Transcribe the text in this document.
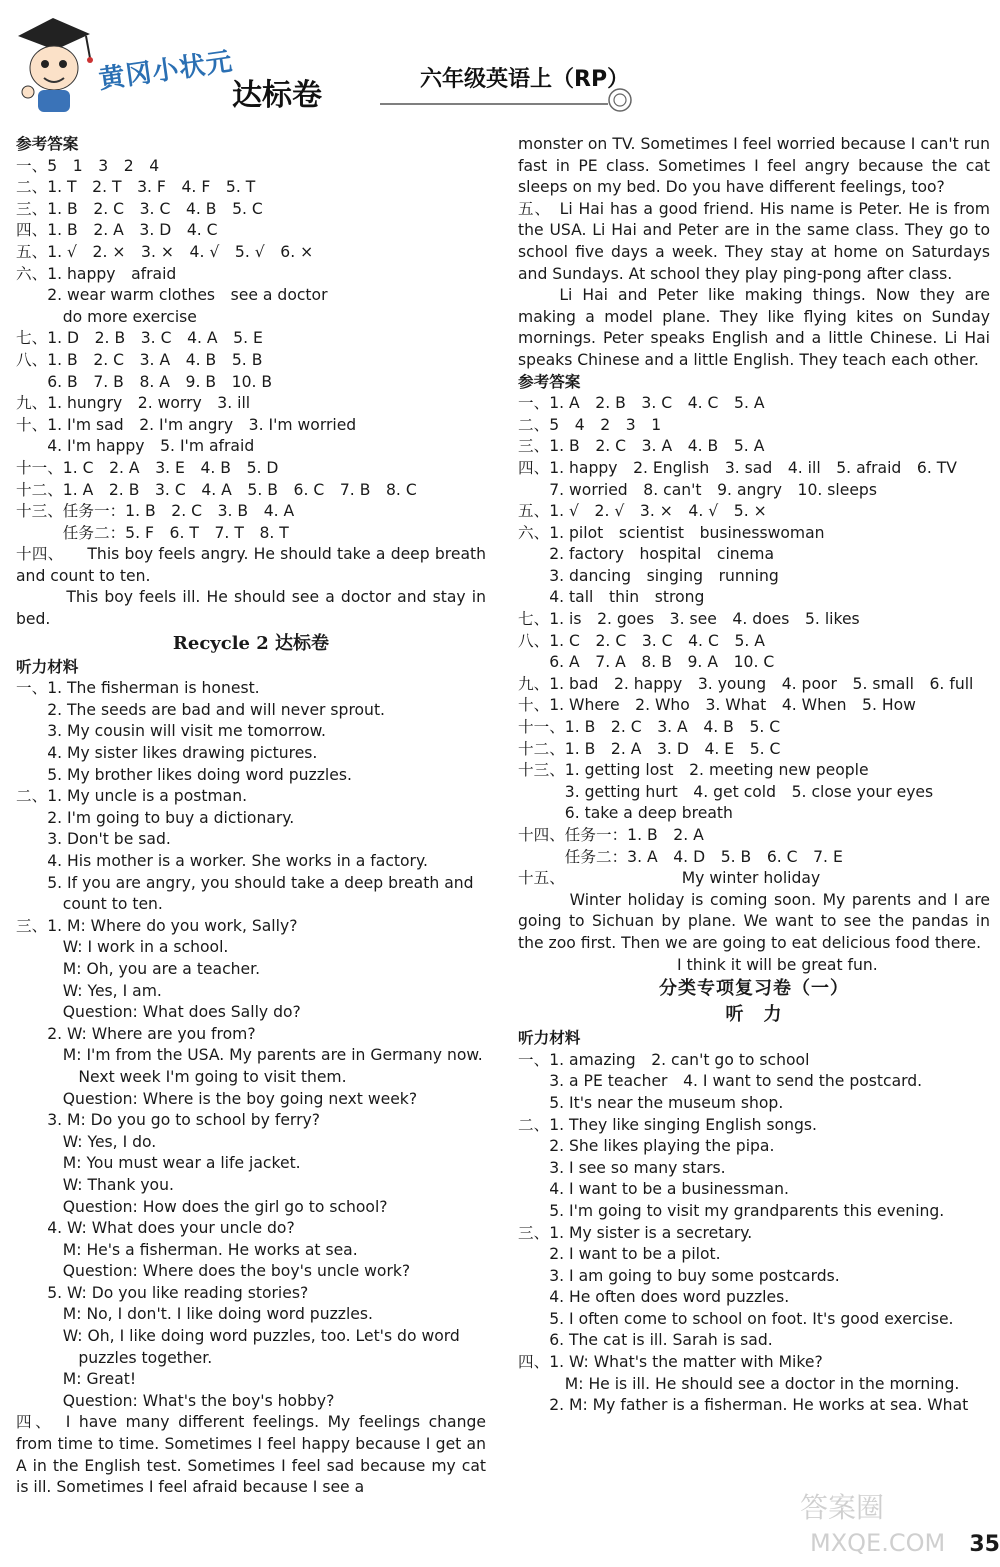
黄冈小状元
达标卷	六年级英语上（RP）
参考答案
一、5　1　3　2　4
二、1. T　2. T　3. F　4. F　5. T
三、1. B　2. C　3. C　4. B　5. C
四、1. B　2. A　3. D　4. C
五、1. √　2. ×　3. ×　4. √　5. √　6. ×
六、1. happy　afraid
　　2. wear warm clothes　see a doctor
　　　do more exercise
七、1. D　2. B　3. C　4. A　5. E
八、1. B　2. C　3. A　4. B　5. B
　　6. B　7. B　8. A　9. B　10. B
九、1. hungry　2. worry　3. ill
十、1. I'm sad　2. I'm angry　3. I'm worried
　　4. I'm happy　5. I'm afraid
十一、1. C　2. A　3. E　4. B　5. D
十二、1. A　2. B　3. C　4. A　5. B　6. C　7. B　8. C
十三、任务一：1. B　2. C　3. B　4. A
　　　任务二：5. F　6. T　7. T　8. T
十四、　　This boy feels angry. He should take a deep breath and count to ten.
　　　This boy feels ill. He should see a doctor and stay in bed.
Recycle 2 达标卷
听力材料
一、1. The fisherman is honest.
　　2. The seeds are bad and will never sprout.
　　3. My cousin will visit me tomorrow.
　　4. My sister likes drawing pictures.
　　5. My brother likes doing word puzzles.
二、1. My uncle is a postman.
　　2. I'm going to buy a dictionary.
　　3. Don't be sad.
　　4. His mother is a worker. She works in a factory.
　　5. If you are angry, you should take a deep breath and
　　　count to ten.
三、1. M: Where do you work, Sally?
　　　W: I work in a school.
　　　M: Oh, you are a teacher.
　　　W: Yes, I am.
　　　Question: What does Sally do?
　　2. W: Where are you from?
　　　M: I'm from the USA. My parents are in Germany now.
　　　　Next week I'm going to visit them.
　　　Question: Where is the boy going next week?
　　3. M: Do you go to school by ferry?
　　　W: Yes, I do.
　　　M: You must wear a life jacket.
　　　W: Thank you.
　　　Question: How does the girl go to school?
　　4. W: What does your uncle do?
　　　M: He's a fisherman. He works at sea.
　　　Question: Where does the boy's uncle work?
　　5. W: Do you like reading stories?
　　　M: No, I don't. I like doing word puzzles.
　　　W: Oh, I like doing word puzzles, too. Let's do word
　　　　puzzles together.
　　　M: Great!
　　　Question: What's the boy's hobby?
四、　I have many different feelings. My feelings change from time to time. Sometimes I feel happy because I get an A in the English test. Sometimes I feel sad because my cat is ill. Sometimes I feel afraid because I see a
monster on TV. Sometimes I feel worried because I can't run fast in PE class. Sometimes I feel angry because the cat sleeps on my bed. Do you have different feelings, too?
五、　Li Hai has a good friend. His name is Peter. He is from the USA. Li Hai and Peter are in the same class. They go to school five days a week. They stay at home on Saturdays and Sundays. At school they play ping-pong after class.
　　Li Hai and Peter like making things. Now they are making a model plane. They like flying kites on Sunday mornings. Peter speaks English and a little Chinese. Li Hai speaks Chinese and a little English. They teach each other.
参考答案
一、1. A　2. B　3. C　4. C　5. A
二、5　4　2　3　1
三、1. B　2. C　3. A　4. B　5. A
四、1. happy　2. English　3. sad　4. ill　5. afraid　6. TV
　　7. worried　8. can't　9. angry　10. sleeps
五、1. √　2. √　3. ×　4. √　5. ×
六、1. pilot　scientist　businesswoman
　　2. factory　hospital　cinema
　　3. dancing　singing　running
　　4. tall　thin　strong
七、1. is　2. goes　3. see　4. does　5. likes
八、1. C　2. C　3. C　4. C　5. A
　　6. A　7. A　8. B　9. A　10. C
九、1. bad　2. happy　3. young　4. poor　5. small　6. full
十、1. Where　2. Who　3. What　4. When　5. How
十一、1. B　2. C　3. A　4. B　5. C
十二、1. B　2. A　3. D　4. E　5. C
十三、1. getting lost　2. meeting new people
　　　3. getting hurt　4. get cold　5. close your eyes
　　　6. take a deep breath
十四、任务一：1. B　2. A
　　　任务二：3. A　4. D　5. B　6. C　7. E
十五、　　　　　　　　My winter holiday
　　　Winter holiday is coming soon. My parents and I are going to Sichuan by plane. We want to see the pandas in the zoo first. Then we are going to eat delicious food there.
　　　I think it will be great fun.
分类专项复习卷（一）
听　力
听力材料
一、1. amazing　2. can't go to school
　　3. a PE teacher　4. I want to send the postcard.
　　5. It's near the museum shop.
二、1. They like singing English songs.
　　2. She likes playing the pipa.
　　3. I see so many stars.
　　4. I want to be a businessman.
　　5. I'm going to visit my grandparents this evening.
三、1. My sister is a secretary.
　　2. I want to be a pilot.
　　3. I am going to buy some postcards.
　　4. He often does word puzzles.
　　5. I often come to school on foot. It's good exercise.
　　6. The cat is ill. Sarah is sad.
四、1. W: What's the matter with Mike?
　　　M: He is ill. He should see a doctor in the morning.
　　2. M: My father is a fisherman. He works at sea. What
答案圈
MXQE.COM 35
